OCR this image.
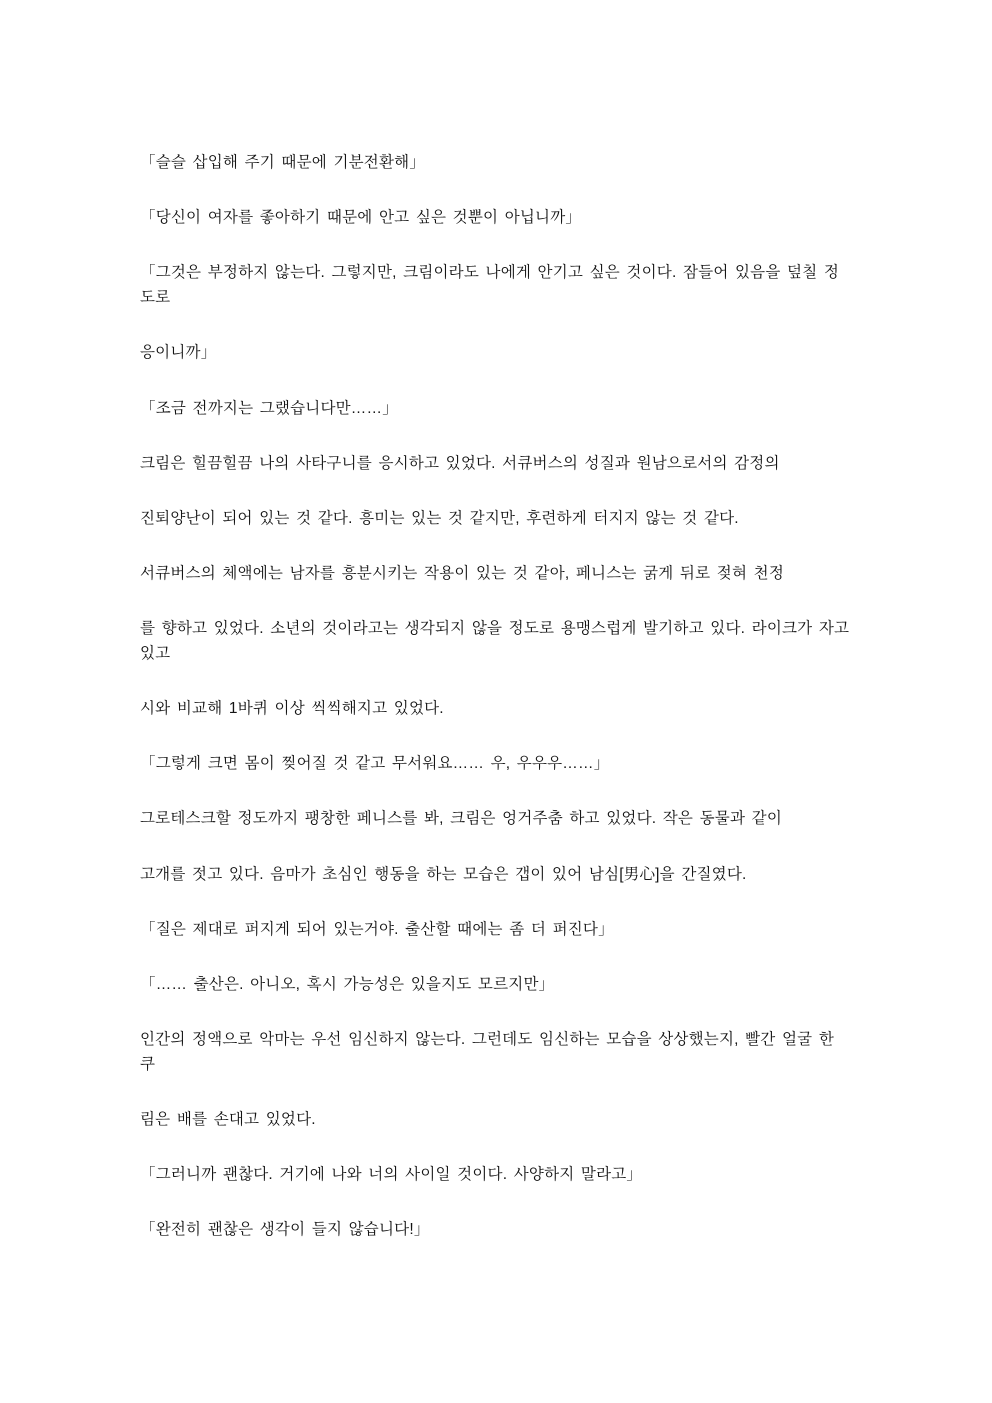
「슬슬 삽입해 주기 때문에 기분전환해」

「당신이 여자를 좋아하기 때문에 안고 싶은 것뿐이 아닙니까」

「그것은 부정하지 않는다. 그렇지만, 크림이라도 나에게 안기고 싶은 것이다. 잠들어 있음을 덮칠 정도로

응이니까」

「조금 전까지는 그랬습니다만……」

크림은 힐끔힐끔 나의 사타구니를 응시하고 있었다. 서큐버스의 성질과 원남으로서의 감정의

진퇴양난이 되어 있는 것 같다. 흥미는 있는 것 같지만, 후련하게 터지지 않는 것 같다.

서큐버스의 체액에는 남자를 흥분시키는 작용이 있는 것 같아, 페니스는 굵게 뒤로 젖혀 천정

를 향하고 있었다. 소년의 것이라고는 생각되지 않을 정도로 용맹스럽게 발기하고 있다. 라이크가 자고 있고

시와 비교해 1바퀴 이상 씩씩해지고 있었다.

「그렇게 크면 몸이 찢어질 것 같고 무서워요…… 우, 우우우……」

그로테스크할 정도까지 팽창한 페니스를 봐, 크림은 엉거주춤 하고 있었다. 작은 동물과 같이

고개를 젓고 있다. 음마가 초심인 행동을 하는 모습은 갭이 있어 남심[男心]을 간질였다.

「질은 제대로 퍼지게 되어 있는거야. 출산할 때에는 좀 더 퍼진다」

「…… 출산은. 아니오, 혹시 가능성은 있을지도 모르지만」

인간의 정액으로 악마는 우선 임신하지 않는다. 그런데도 임신하는 모습을 상상했는지, 빨간 얼굴 한 쿠

림은 배를 손대고 있었다.

「그러니까 괜찮다. 거기에 나와 너의 사이일 것이다. 사양하지 말라고」

「완전히 괜찮은 생각이 들지 않습니다!」
